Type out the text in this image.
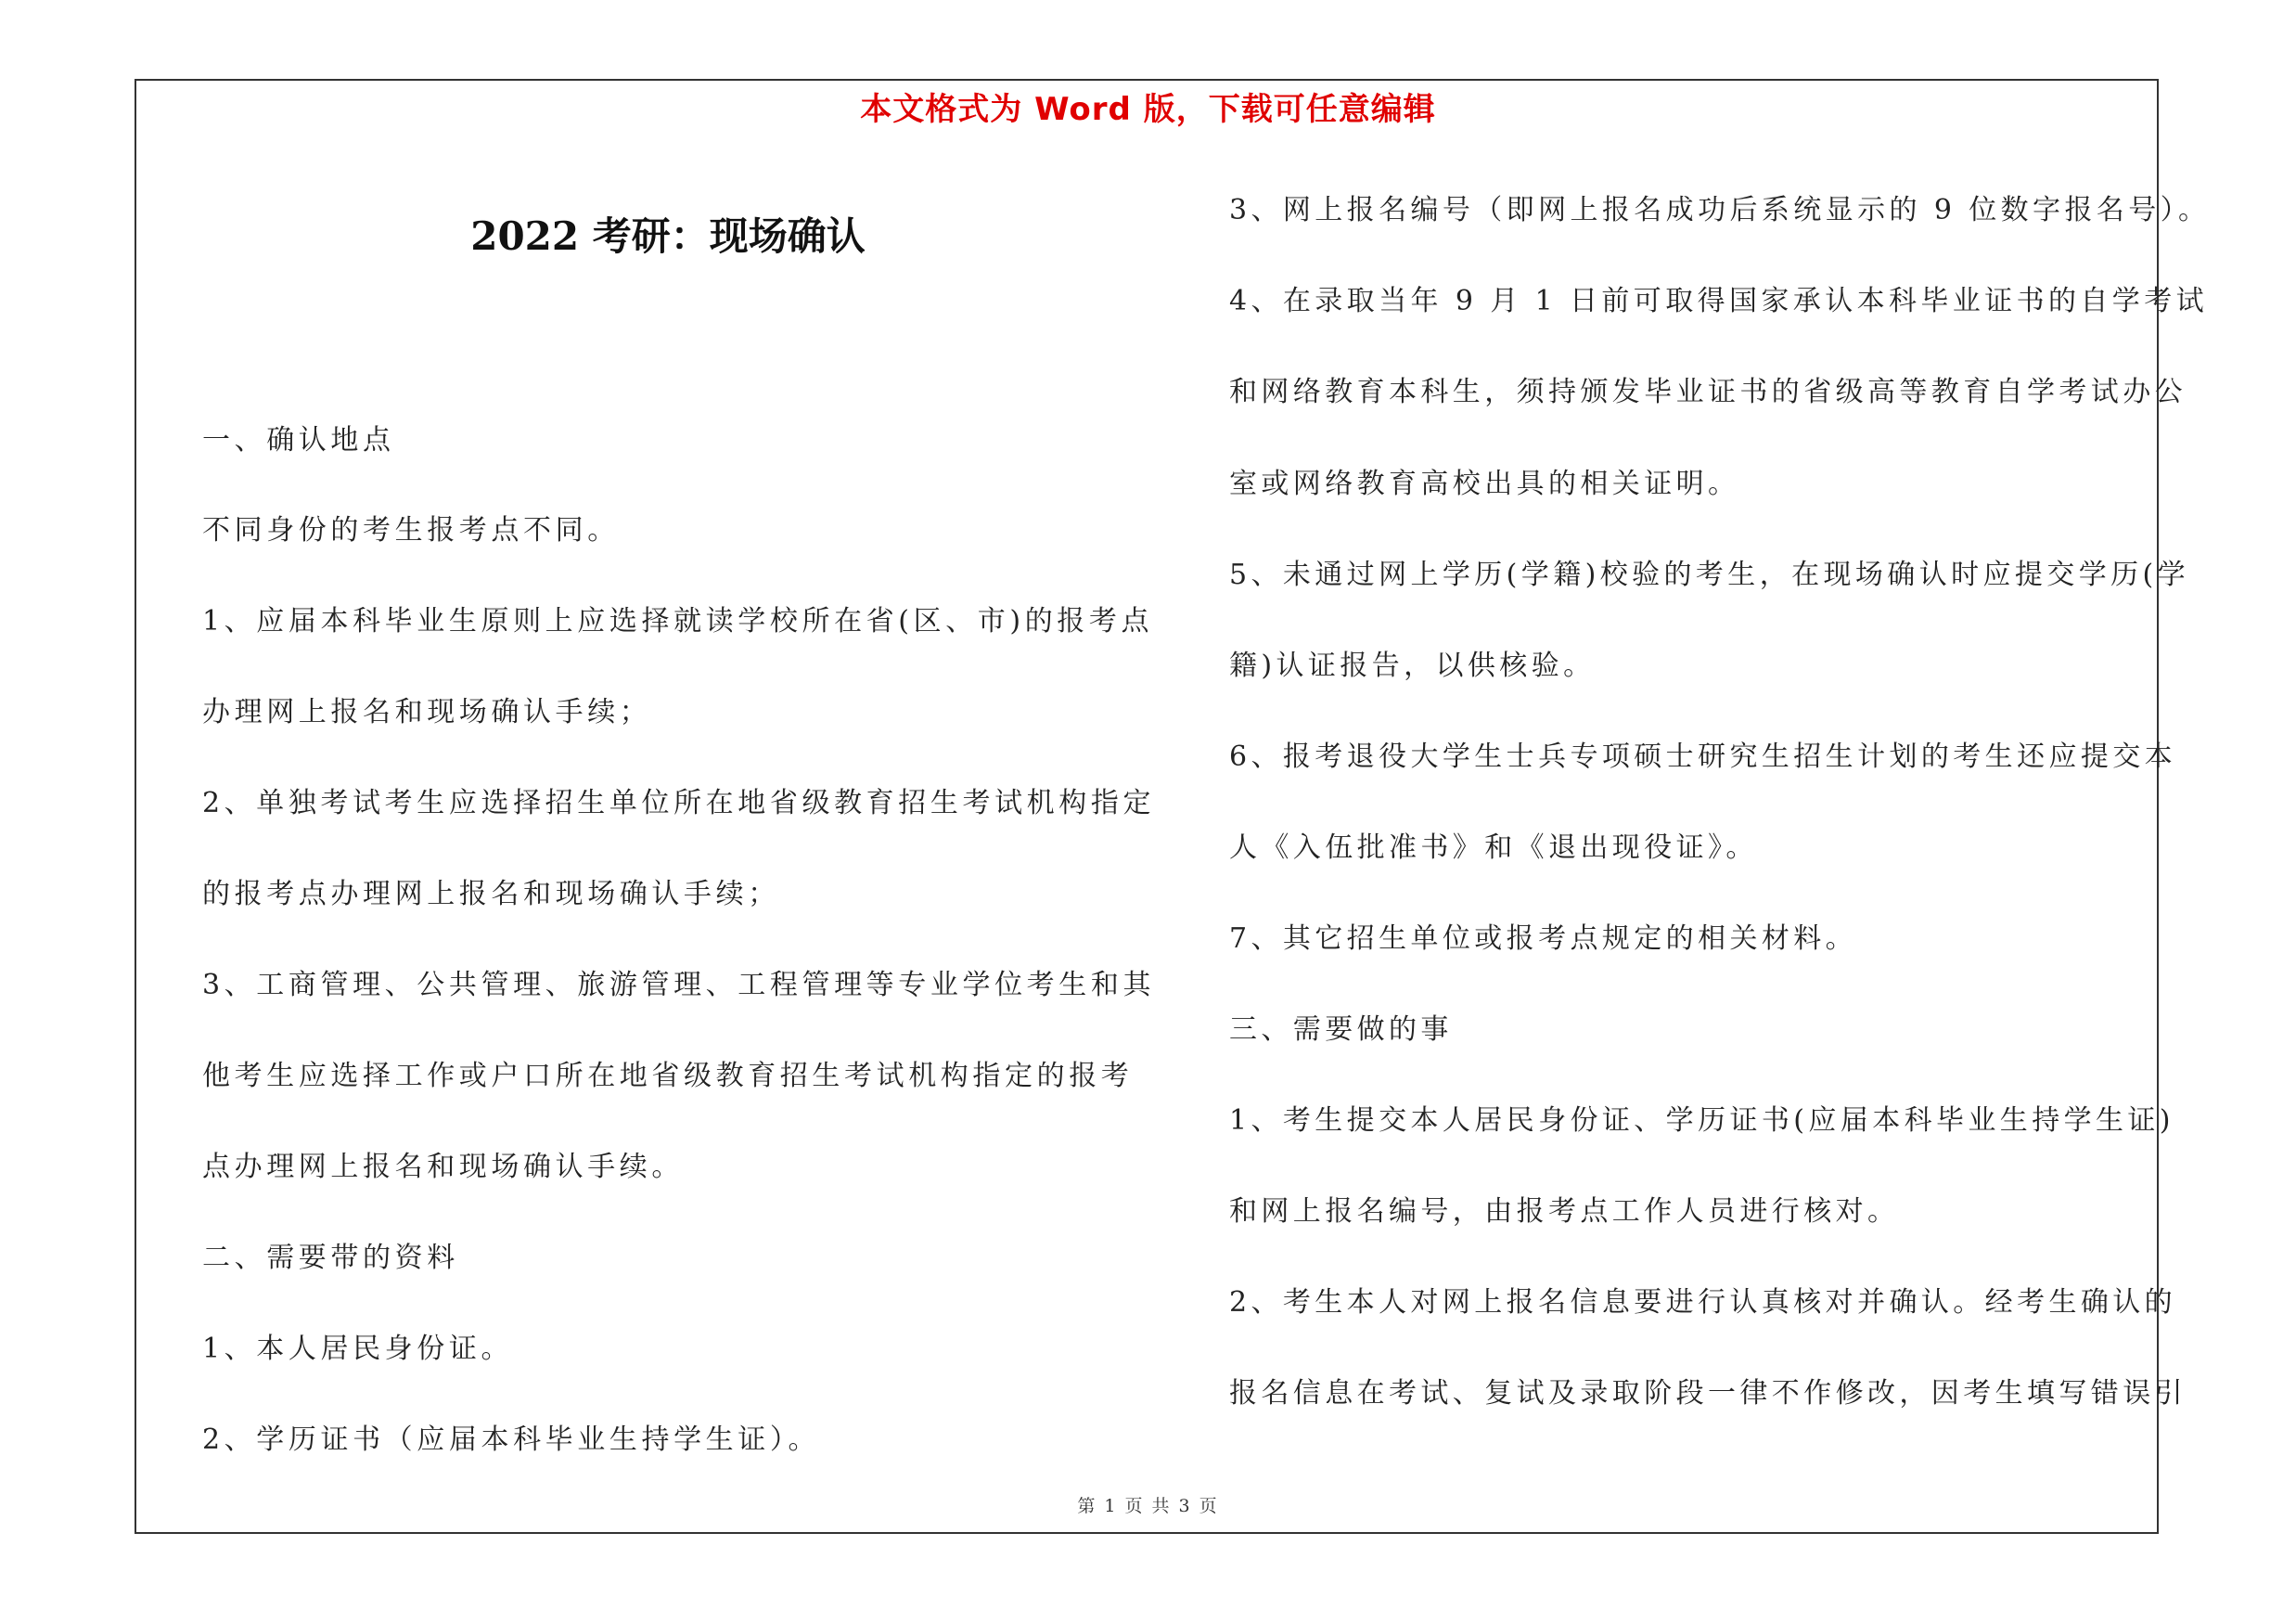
本文格式为 Word 版，下载可任意编辑
2022 考研：现场确认
一、确认地点
不同身份的考生报考点不同。
1、应届本科毕业生原则上应选择就读学校所在省(区、市)的报考点
办理网上报名和现场确认手续；
2、单独考试考生应选择招生单位所在地省级教育招生考试机构指定
的报考点办理网上报名和现场确认手续；
3、工商管理、公共管理、旅游管理、工程管理等专业学位考生和其
他考生应选择工作或户口所在地省级教育招生考试机构指定的报考
点办理网上报名和现场确认手续。
二、需要带的资料
1、本人居民身份证。
2、学历证书（应届本科毕业生持学生证）。
3、网上报名编号（即网上报名成功后系统显示的 9 位数字报名号）。
4、在录取当年 9 月 1 日前可取得国家承认本科毕业证书的自学考试
和网络教育本科生，须持颁发毕业证书的省级高等教育自学考试办公
室或网络教育高校出具的相关证明。
5、未通过网上学历(学籍)校验的考生，在现场确认时应提交学历(学
籍)认证报告，以供核验。
6、报考退役大学生士兵专项硕士研究生招生计划的考生还应提交本
人《入伍批准书》和《退出现役证》。
7、其它招生单位或报考点规定的相关材料。
三、需要做的事
1、考生提交本人居民身份证、学历证书(应届本科毕业生持学生证)
和网上报名编号，由报考点工作人员进行核对。
2、考生本人对网上报名信息要进行认真核对并确认。经考生确认的
报名信息在考试、复试及录取阶段一律不作修改，因考生填写错误引
第 1 页 共 3 页
